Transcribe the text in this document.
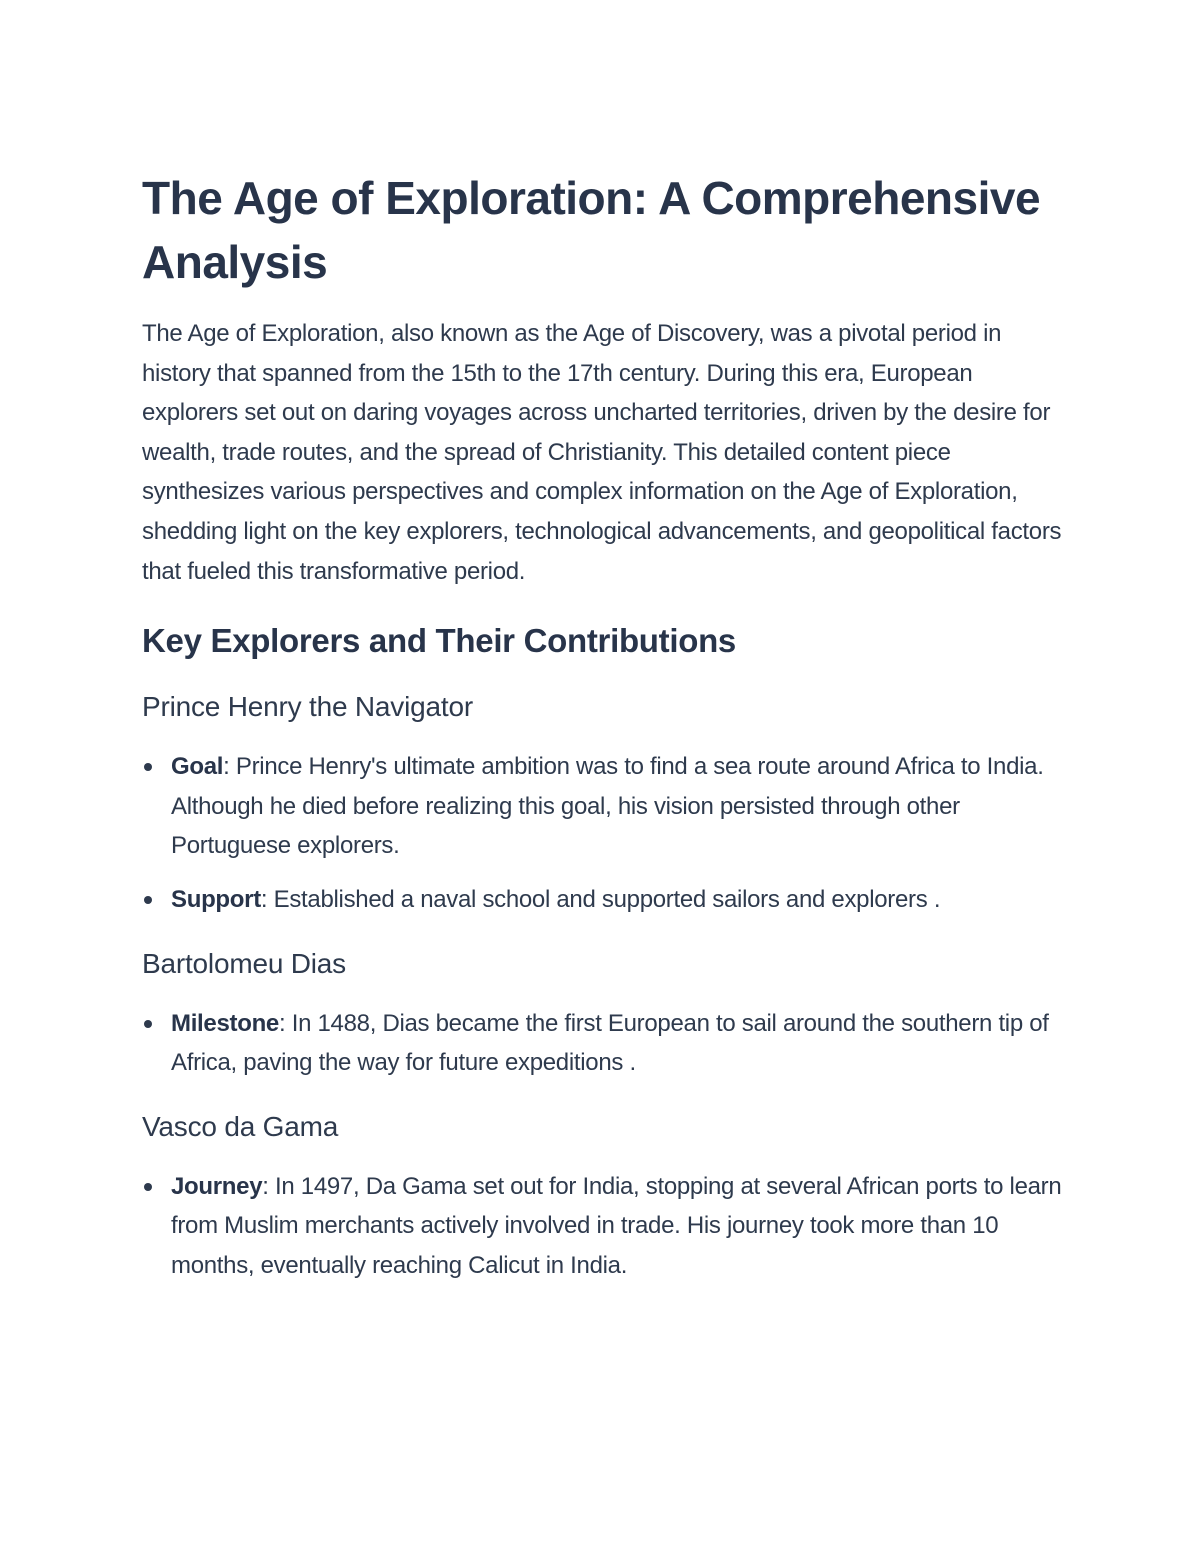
The Age of Exploration: A Comprehensive Analysis

The Age of Exploration, also known as the Age of Discovery, was a pivotal period in history that spanned from the 15th to the 17th century. During this era, European explorers set out on daring voyages across uncharted territories, driven by the desire for wealth, trade routes, and the spread of Christianity. This detailed content piece synthesizes various perspectives and complex information on the Age of Exploration, shedding light on the key explorers, technological advancements, and geopolitical factors that fueled this transformative period.

Key Explorers and Their Contributions
Prince Henry the Navigator
Goal: Prince Henry's ultimate ambition was to find a sea route around Africa to India. Although he died before realizing this goal, his vision persisted through other Portuguese explorers.
Support: Established a naval school and supported sailors and explorers .
Bartolomeu Dias
Milestone: In 1488, Dias became the first European to sail around the southern tip of Africa, paving the way for future expeditions .
Vasco da Gama
Journey: In 1497, Da Gama set out for India, stopping at several African ports to learn from Muslim merchants actively involved in trade. His journey took more than 10 months, eventually reaching Calicut in India.
